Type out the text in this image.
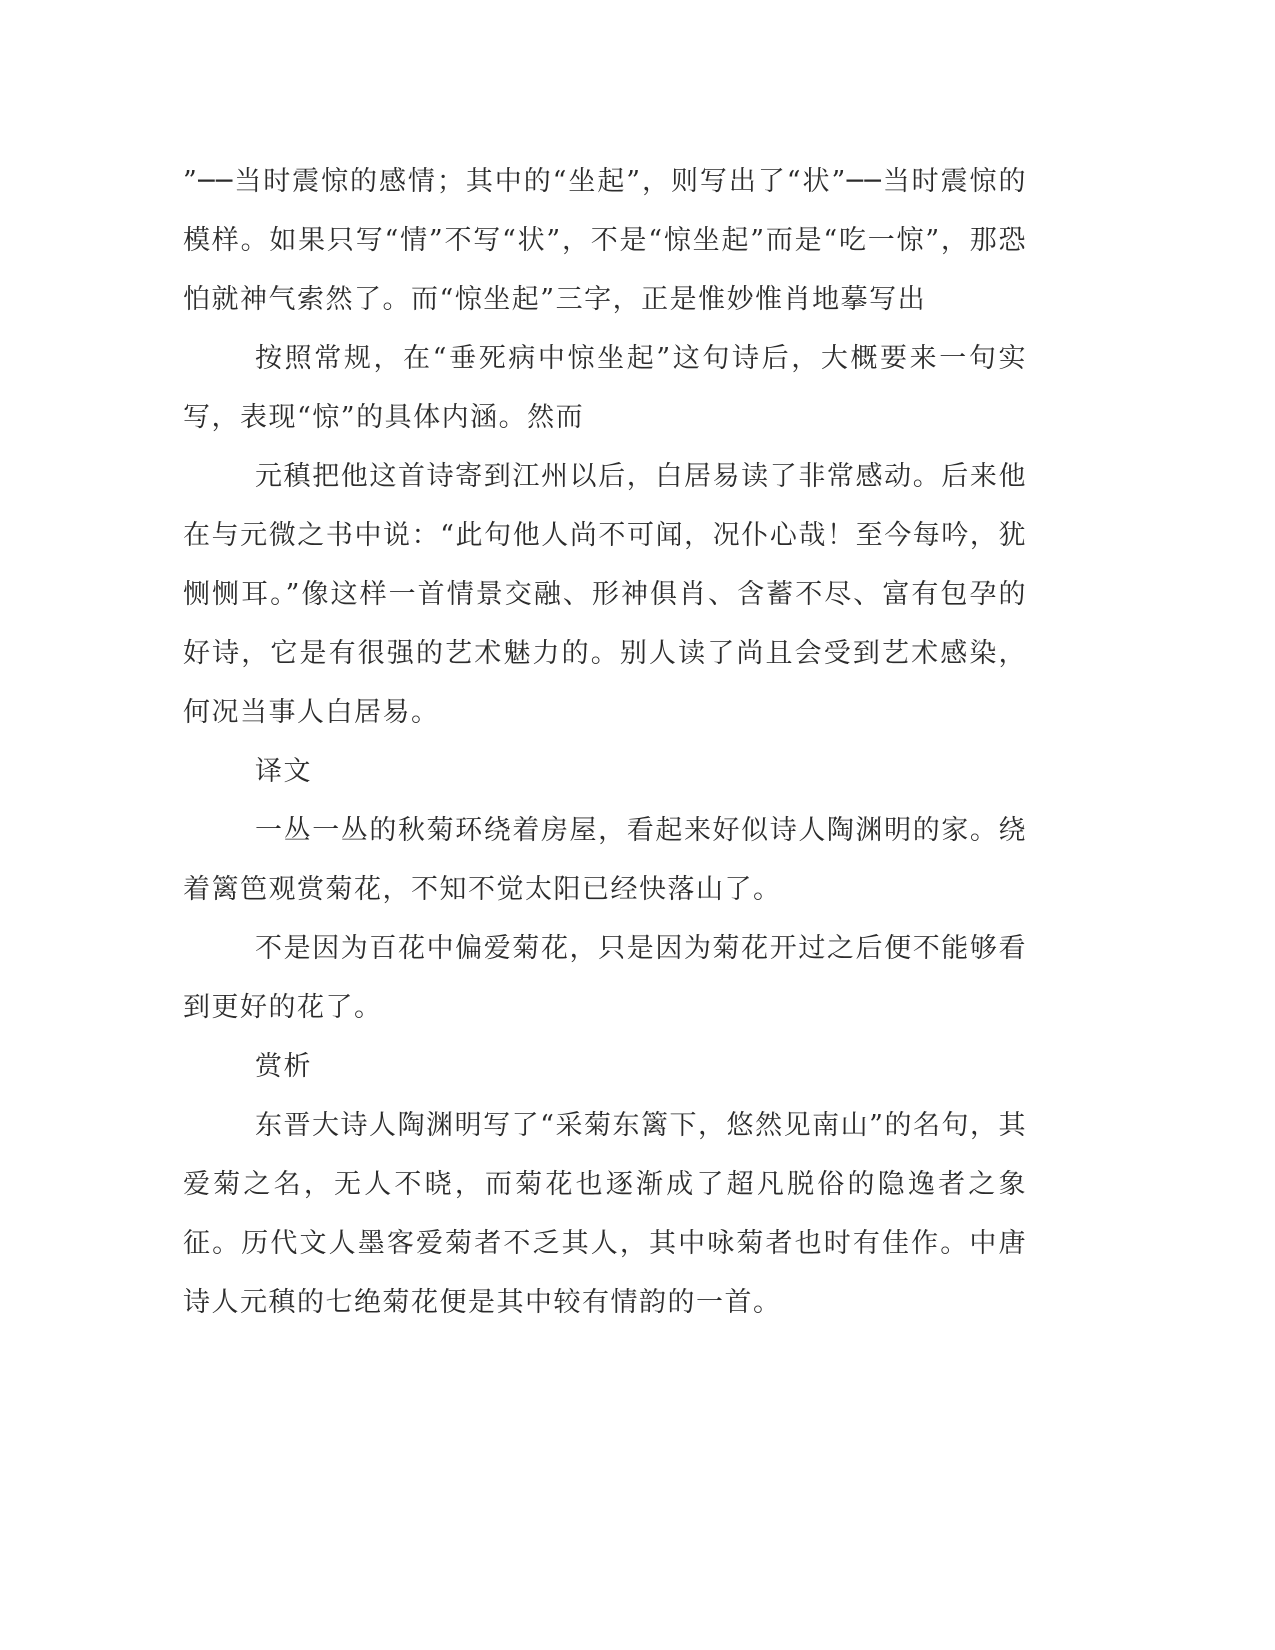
”──当时震惊的感情；其中的“坐起”，则写出了“状”──当时震惊的模样。如果只写“情”不写“状”，不是“惊坐起”而是“吃一惊”，那恐怕就神气索然了。而“惊坐起”三字，正是惟妙惟肖地摹写出

按照常规，在“垂死病中惊坐起”这句诗后，大概要来一句实写，表现“惊”的具体内涵。然而

元稹把他这首诗寄到江州以后，白居易读了非常感动。后来他在与元微之书中说：“此句他人尚不可闻，况仆心哉！至今每吟，犹恻恻耳。”像这样一首情景交融、形神俱肖、含蓄不尽、富有包孕的好诗，它是有很强的艺术魅力的。别人读了尚且会受到艺术感染，何况当事人白居易。

译文

一丛一丛的秋菊环绕着房屋，看起来好似诗人陶渊明的家。绕着篱笆观赏菊花，不知不觉太阳已经快落山了。

不是因为百花中偏爱菊花，只是因为菊花开过之后便不能够看到更好的花了。

赏析

东晋大诗人陶渊明写了“采菊东篱下，悠然见南山”的名句，其爱菊之名，无人不晓，而菊花也逐渐成了超凡脱俗的隐逸者之象征。历代文人墨客爱菊者不乏其人，其中咏菊者也时有佳作。中唐诗人元稹的七绝菊花便是其中较有情韵的一首。
